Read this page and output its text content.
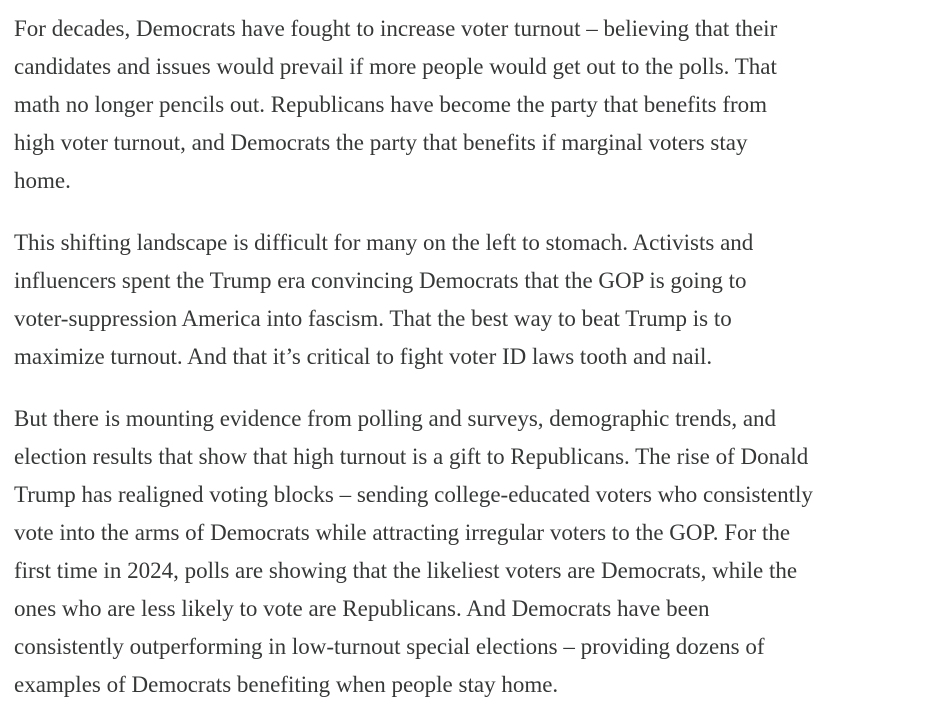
For decades, Democrats have fought to increase voter turnout – believing that their
candidates and issues would prevail if more people would get out to the polls. That
math no longer pencils out. Republicans have become the party that benefits from
high voter turnout, and Democrats the party that benefits if marginal voters stay
home.

This shifting landscape is difficult for many on the left to stomach. Activists and
influencers spent the Trump era convincing Democrats that the GOP is going to
voter-suppression America into fascism. That the best way to beat Trump is to
maximize turnout. And that it’s critical to fight voter ID laws tooth and nail.

But there is mounting evidence from polling and surveys, demographic trends, and
election results that show that high turnout is a gift to Republicans. The rise of Donald
Trump has realigned voting blocks – sending college-educated voters who consistently
vote into the arms of Democrats while attracting irregular voters to the GOP. For the
first time in 2024, polls are showing that the likeliest voters are Democrats, while the
ones who are less likely to vote are Republicans. And Democrats have been
consistently outperforming in low-turnout special elections – providing dozens of
examples of Democrats benefiting when people stay home.
